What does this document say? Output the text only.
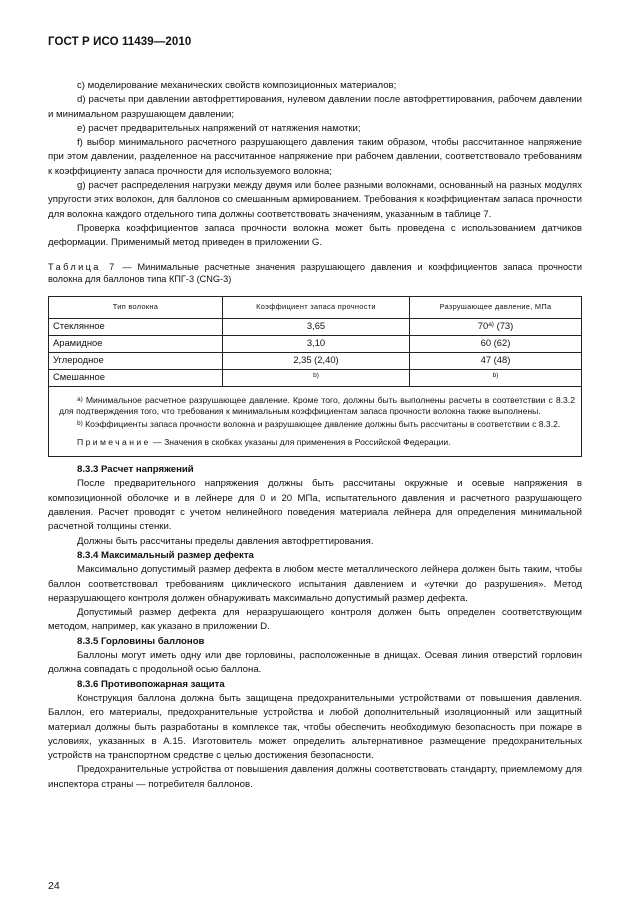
ГОСТ Р ИСО 11439—2010

с) моделирование механических свойств композиционных материалов;

d) расчеты при давлении автофреттирования, нулевом давлении после автофреттирования, рабочем давлении и минимальном разрушающем давлении;

e) расчет предварительных напряжений от натяжения намотки;

f) выбор минимального расчетного разрушающего давления таким образом, чтобы рассчитанное напряжение при этом давлении, разделенное на рассчитанное напряжение при рабочем давлении, соответствовало требованиям к коэффициенту запаса прочности для используемого волокна;

g) расчет распределения нагрузки между двумя или более разными волокнами, основанный на разных модулях упругости этих волокон, для баллонов со смешанным армированием. Требования к коэффициентам запаса прочности для волокна каждого отдельного типа должны соответствовать значениям, указанным в таблице 7.

Проверка коэффициентов запаса прочности волокна может быть проведена с использованием датчиков деформации. Применимый метод приведен в приложении G.

Таблица 7 — Минимальные расчетные значения разрушающего давления и коэффициентов запаса прочности волокна для баллонов типа КПГ-3 (CNG-3)
Тип волокна	Коэффициент запаса прочности	Разрушающее давление, МПа
Стеклянное	3,65	70$^{a)}$ (73)
Арамидное	3,10	60 (62)
Углеродное	2,35 (2,40)	47 (48)
Смешанное	$^{b)}$	$^{b)}$

$^{a)}$ Минимальное расчетное разрушающее давление. Кроме того, должны быть выполнены расчеты в соответствии с 8.3.2 для подтверждения того, что требования к минимальным коэффициентам запаса прочности волокна также выполнены.

$^{b)}$ Коэффициенты запаса прочности волокна и разрушающее давление должны быть рассчитаны в соответствии с 8.3.2.

Примечание — Значения в скобках указаны для применения в Российской Федерации.		

8.3.3 Расчет напряжений

После предварительного напряжения должны быть рассчитаны окружные и осевые напряжения в композиционной оболочке и в лейнере для 0 и 20 МПа, испытательного давления и расчетного разрушающего давления. Расчет проводят с учетом нелинейного поведения материала лейнера для определения минимальной расчетной толщины стенки.

Должны быть рассчитаны пределы давления автофреттирования.

8.3.4 Максимальный размер дефекта

Максимально допустимый размер дефекта в любом месте металлического лейнера должен быть таким, чтобы баллон соответствовал требованиям циклического испытания давлением и «утечки до разрушения». Метод неразрушающего контроля должен обнаруживать максимально допустимый размер дефекта.

Допустимый размер дефекта для неразрушающего контроля должен быть определен соответствующим методом, например, как указано в приложении D.

8.3.5 Горловины баллонов

Баллоны могут иметь одну или две горловины, расположенные в днищах. Осевая линия отверстий горловин должна совпадать с продольной осью баллона.

8.3.6 Противопожарная защита

Конструкция баллона должна быть защищена предохранительными устройствами от повышения давления. Баллон, его материалы, предохранительные устройства и любой дополнительный изоляционный или защитный материал должны быть разработаны в комплексе так, чтобы обеспечить необходимую безопасность при пожаре в условиях, указанных в А.15. Изготовитель может определить альтернативное размещение предохранительных устройств на транспортном средстве с целью достижения безопасности.

Предохранительные устройства от повышения давления должны соответствовать стандарту, приемлемому для инспектора страны — потребителя баллонов.

24
